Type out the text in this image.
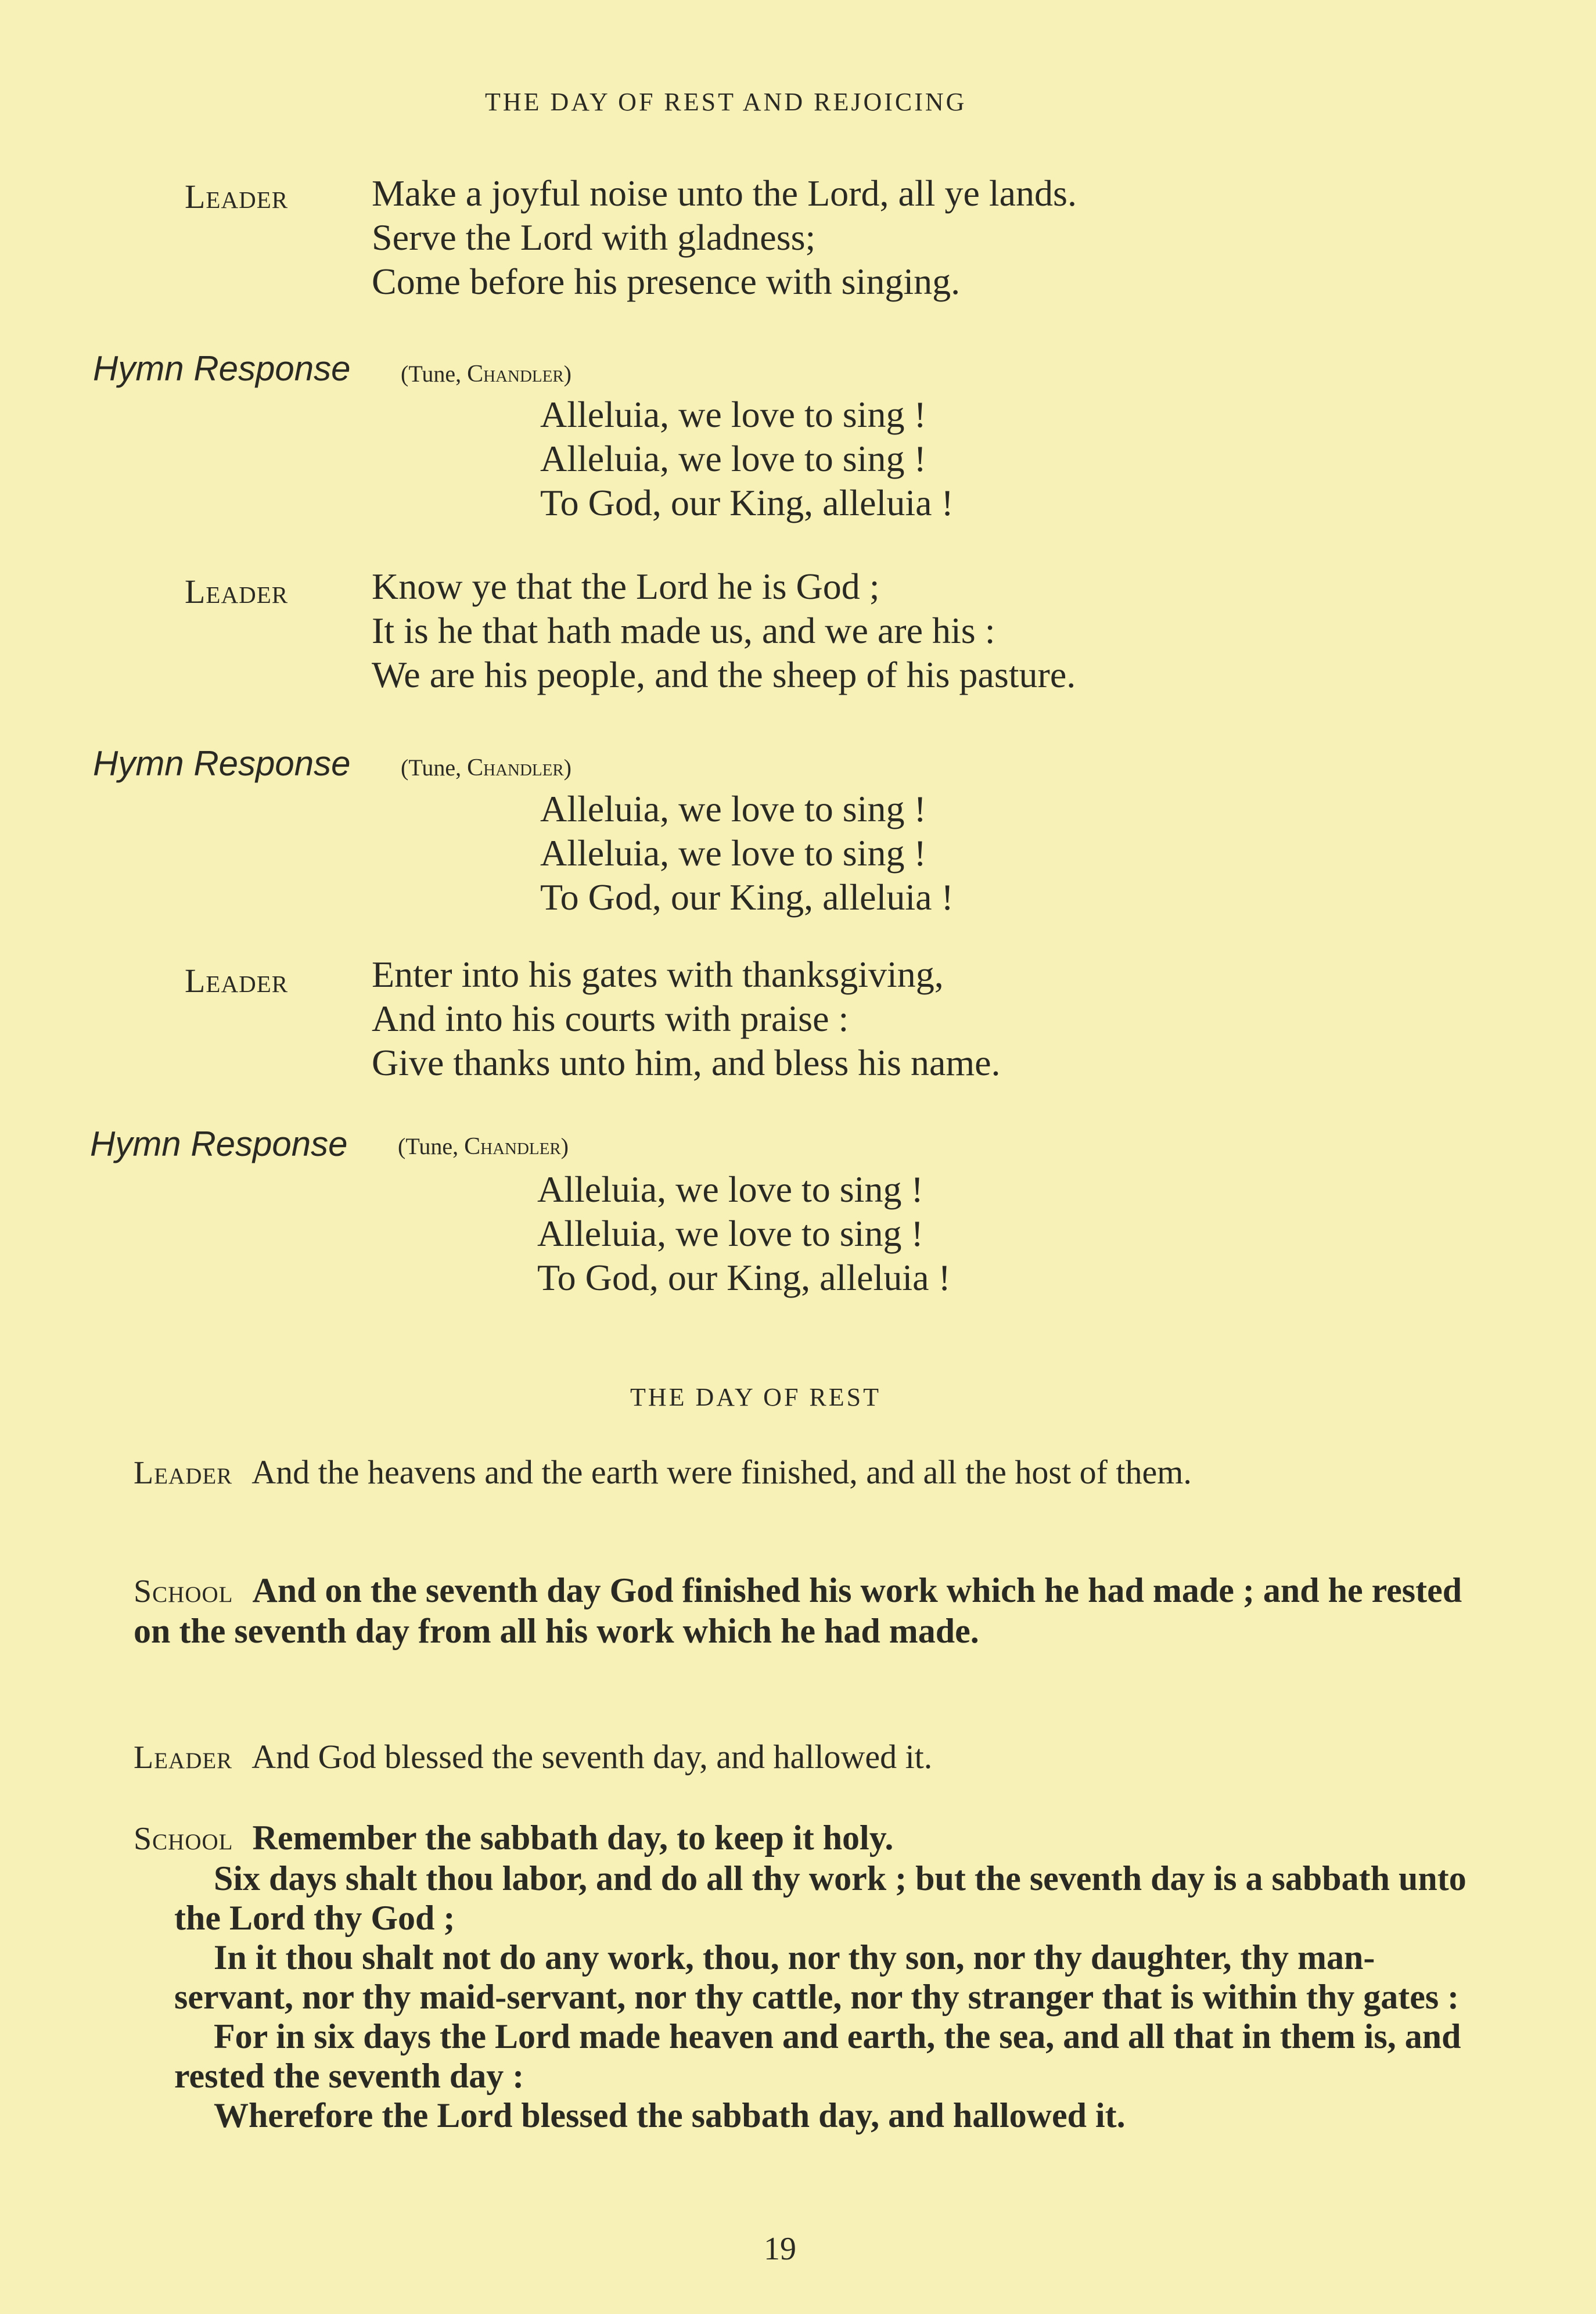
THE DAY OF REST AND REJOICING
Leader Make a joyful noise unto the Lord, all ye lands.
Serve the Lord with gladness;
Come before his presence with singing.
Hymn Response (Tune, Chandler)
Alleluia, we love to sing !
Alleluia, we love to sing !
To God, our King, alleluia !
Leader Know ye that the Lord he is God ;
It is he that hath made us, and we are his :
We are his people, and the sheep of his pasture.
Hymn Response (Tune, Chandler)
Alleluia, we love to sing !
Alleluia, we love to sing !
To God, our King, alleluia !
Leader Enter into his gates with thanksgiving,
And into his courts with praise :
Give thanks unto him, and bless his name.
Hymn Response (Tune, Chandler)
Alleluia, we love to sing !
Alleluia, we love to sing !
To God, our King, alleluia !
THE DAY OF REST
Leader And the heavens and the earth were finished, and all the host of them.
School And on the seventh day God finished his work which he had made ; and he rested on the seventh day from all his work which he had made.
Leader And God blessed the seventh day, and hallowed it.
School Remember the sabbath day, to keep it holy.
Six days shalt thou labor, and do all thy work ; but the seventh day is a sabbath unto the Lord thy God ;
In it thou shalt not do any work, thou, nor thy son, nor thy daughter, thy man-servant, nor thy maid-servant, nor thy cattle, nor thy stranger that is within thy gates :
For in six days the Lord made heaven and earth, the sea, and all that in them is, and rested the seventh day :
Wherefore the Lord blessed the sabbath day, and hallowed it.
19
